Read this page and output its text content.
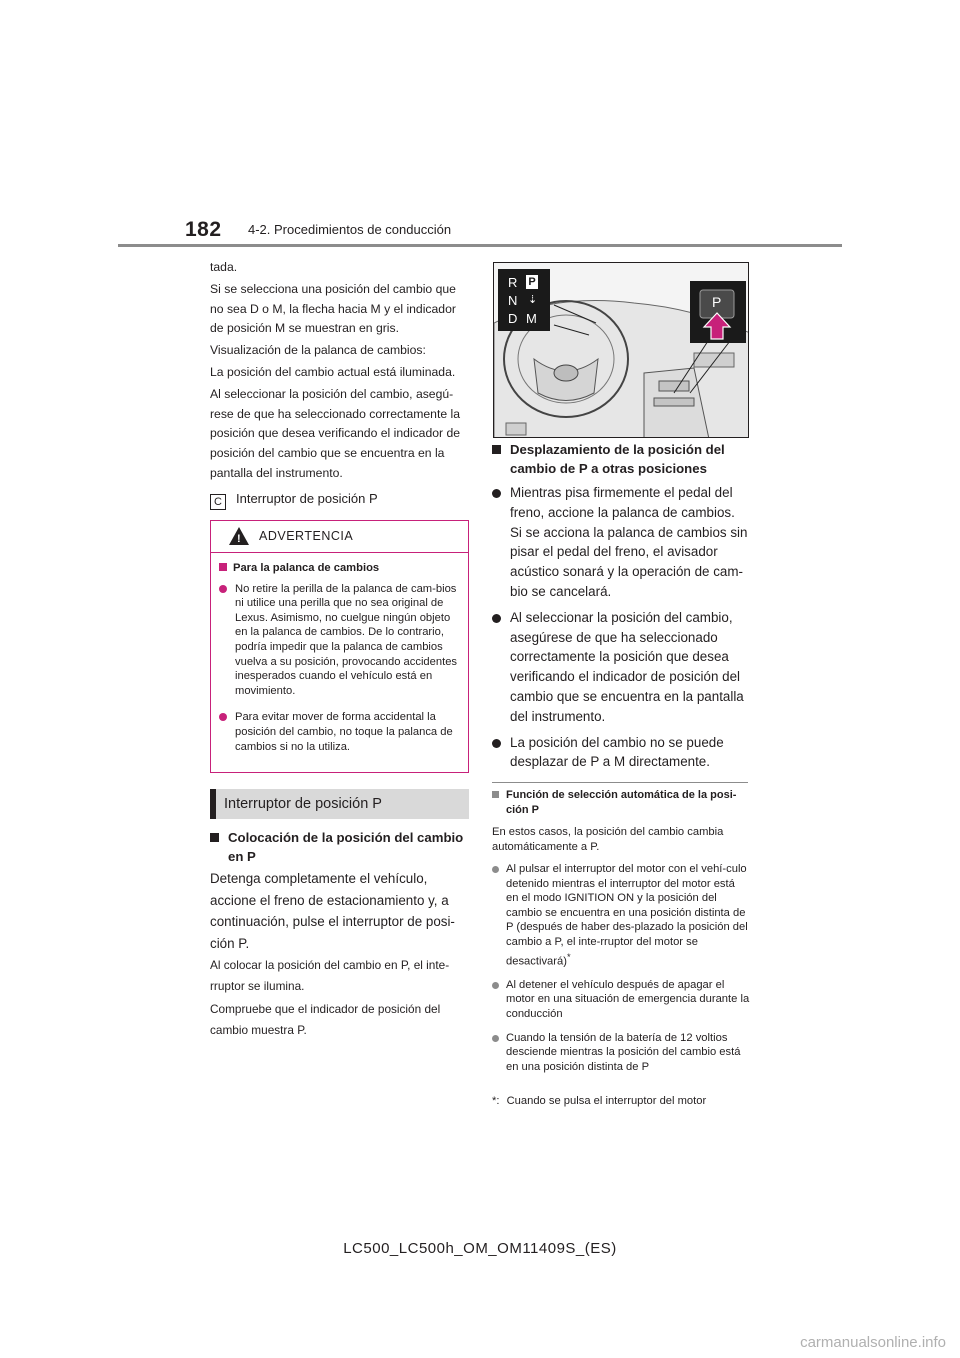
182 4-2. Procedimientos de conducción

tada.

Si se selecciona una posición del cambio que no sea D o M, la flecha hacia M y el indicador de posición M se muestran en gris.

Visualización de la palanca de cambios:

La posición del cambio actual está iluminada.

Al seleccionar la posición del cambio, asegú-rese de que ha seleccionado correctamente la posición que desea verificando el indicador de posición del cambio que se encuentra en la pantalla del instrumento.

C Interruptor de posición P
! ADVERTENCIA
Para la palanca de cambios
No retire la perilla de la palanca de cam-bios ni utilice una perilla que no sea original de Lexus. Asimismo, no cuelgue ningún objeto en la palanca de cambios. De lo contrario, podría impedir que la palanca de cambios vuelva a su posición, provocando accidentes inesperados cuando el vehículo está en movimiento.
Para evitar mover de forma accidental la posición del cambio, no toque la palanca de cambios si no la utiliza.
Interruptor de posición P
Colocación de la posición del cambio en P
Detenga completamente el vehículo, accione el freno de estacionamiento y, a continuación, pulse el interruptor de posi-ción P.
Al colocar la posición del cambio en P, el inte-rruptor se ilumina.
Compruebe que el indicador de posición del cambio muestra P.
R P
N ⇣
D M
P
Desplazamiento de la posición del cambio de P a otras posiciones
Mientras pisa firmemente el pedal del freno, accione la palanca de cambios. Si se acciona la palanca de cambios sin pisar el pedal del freno, el avisador acústico sonará y la operación de cam-bio se cancelará.
Al seleccionar la posición del cambio, asegúrese de que ha seleccionado correctamente la posición que desea verificando el indicador de posición del cambio que se encuentra en la pantalla del instrumento.
La posición del cambio no se puede desplazar de P a M directamente.
Función de selección automática de la posi-ción P
En estos casos, la posición del cambio cambia automáticamente a P.
Al pulsar el interruptor del motor con el vehí-culo detenido mientras el interruptor del motor está en el modo IGNITION ON y la posición del cambio se encuentra en una posición distinta de P (después de haber des-plazado la posición del cambio a P, el inte-rruptor del motor se desactivará)*
Al detener el vehículo después de apagar el motor en una situación de emergencia durante la conducción
Cuando la tensión de la batería de 12 voltios desciende mientras la posición del cambio está en una posición distinta de P
*: Cuando se pulsa el interruptor del motor
LC500_LC500h_OM_OM11409S_(ES)
carmanualsonline.info
